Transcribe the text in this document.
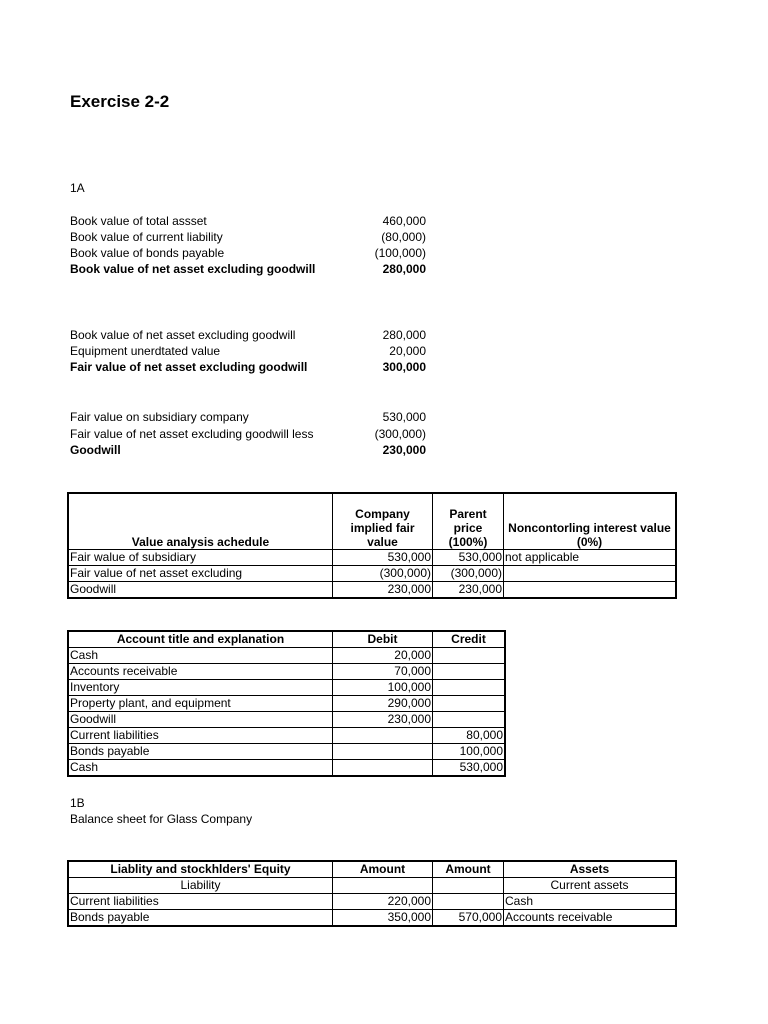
Exercise 2-2
1A
Book value of total assset	460,000
Book value of current liability	(80,000)
Book value of bonds payable	(100,000)
Book value of net asset excluding goodwill	280,000
Book value of net asset excluding goodwill	280,000
Equipment unerdtated value	20,000
Fair value of net asset excluding goodwill	300,000
Fair value on subsidiary company	530,000
Fair value of net asset excluding goodwill less	(300,000)
Goodwill	230,000
Value analysis achedule	Company implied fair value	Parent price (100%)	Noncontorling interest value (0%)
Fair walue of subsidiary	530,000	530,000	not applicable
Fair value of net asset excluding	(300,000)	(300,000)	
Goodwill	230,000	230,000	
Account title and explanation	Debit	Credit
Cash	20,000	
Accounts receivable	70,000	
Inventory	100,000	
Property plant, and equipment	290,000	
Goodwill	230,000	
Current liabilities		80,000
Bonds payable		100,000
Cash		530,000
1B
Balance sheet for Glass Company
Liablity and stockhlders' Equity	Amount	Amount	Assets
Liability			Current assets
Current liabilities	220,000		Cash
Bonds payable	350,000	570,000	Accounts receivable
